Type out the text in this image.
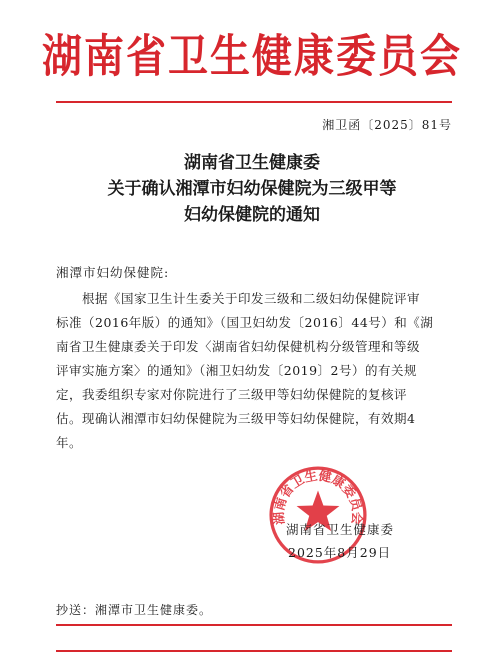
湖南省卫生健康委员会
湘卫函〔2025〕81号
湖南省卫生健康委
关于确认湘潭市妇幼保健院为三级甲等
妇幼保健院的通知
湘潭市妇幼保健院:
根据《国家卫生计生委关于印发三级和二级妇幼保健院评审
标准（2016年版）的通知》（国卫妇幼发〔2016〕44号）和《湖
南省卫生健康委关于印发〈湖南省妇幼保健机构分级管理和等级
评审实施方案〉的通知》（湘卫妇幼发〔2019〕2号）的有关规
定，我委组织专家对你院进行了三级甲等妇幼保健院的复核评
估。现确认湘潭市妇幼保健院为三级甲等妇幼保健院，有效期4
年。
湖南省卫生健康委员会
湖南省卫生健康委
2025年8月29日
抄送：湘潭市卫生健康委。
